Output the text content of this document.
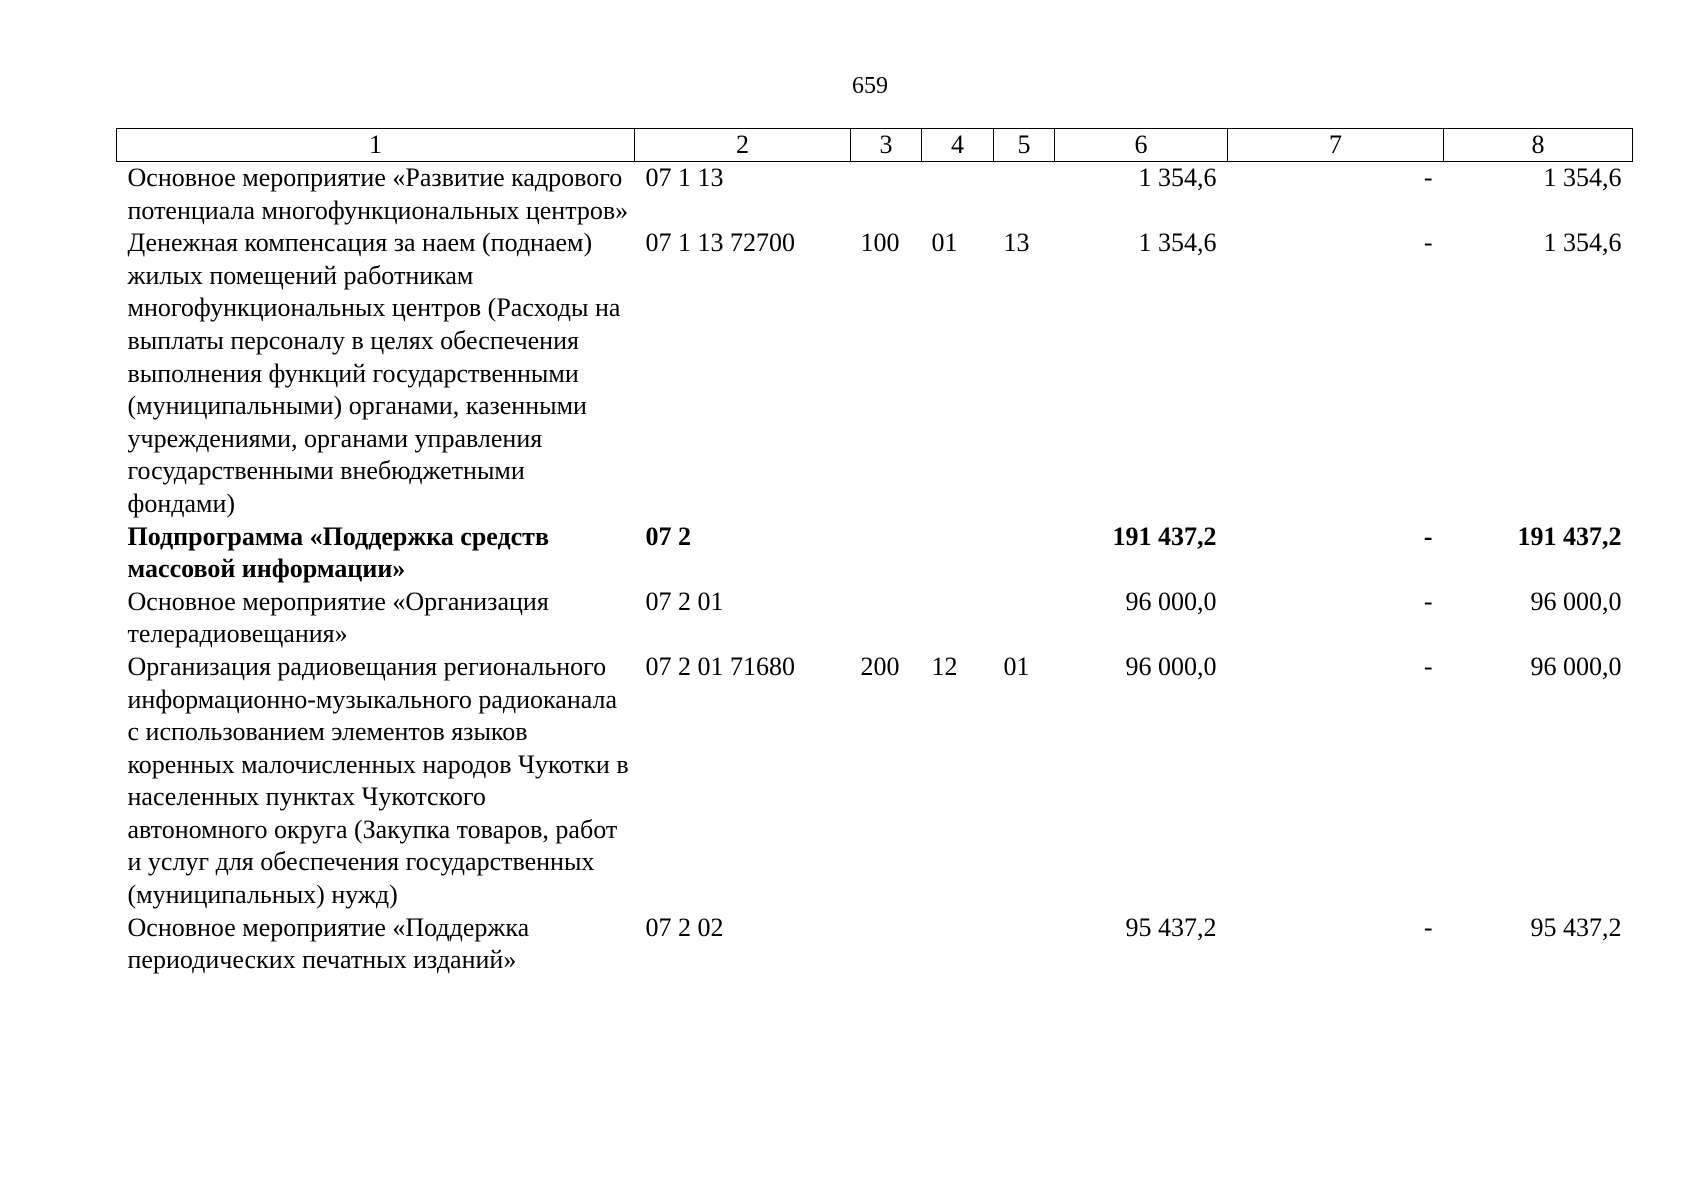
659
1	2	3	4	5	6	7	8
Основное мероприятие «Развитие кадрового потенциала многофункциональных центров»	07 1 13				1 354,6	-	1 354,6
Денежная компенсация за наем (поднаем) жилых помещений работникам многофункциональных центров (Расходы на выплаты персоналу в целях обеспечения выполнения функций государственными (муниципальными) органами, казенными учреждениями, органами управления государственными внебюджетными фондами)	07 1 13 72700	100	01	13	1 354,6	-	1 354,6
Подпрограмма «Поддержка средств массовой информации»	07 2				191 437,2	-	191 437,2
Основное мероприятие «Организация телерадиовещания»	07 2 01				96 000,0	-	96 000,0
Организация радиовещания регионального информационно-музыкального радиоканала с использованием элементов языков коренных малочисленных народов Чукотки в населенных пунктах Чукотского автономного округа (Закупка товаров, работ и услуг для обеспечения государственных (муниципальных) нужд)	07 2 01 71680	200	12	01	96 000,0	-	96 000,0
Основное мероприятие «Поддержка периодических печатных изданий»	07 2 02				95 437,2	-	95 437,2
